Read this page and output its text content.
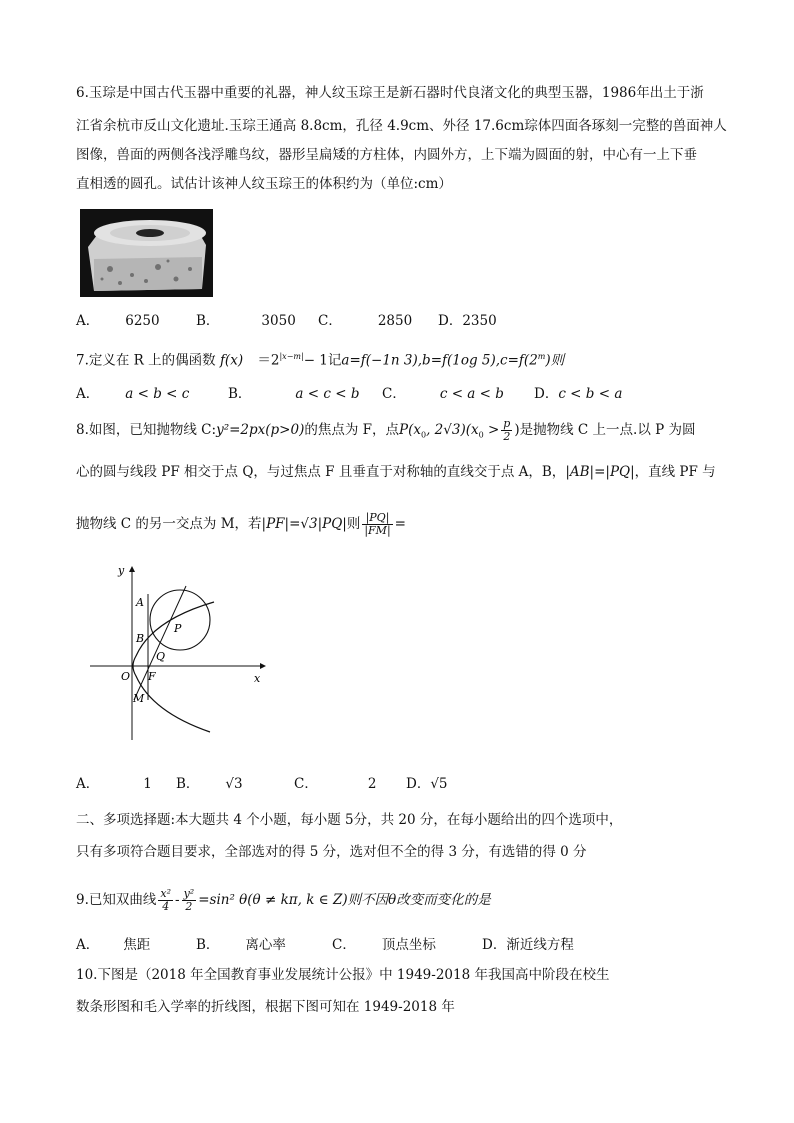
6.玉琮是中国古代玉器中重要的礼器，神人纹玉琮王是新石器时代良渚文化的典型玉器，1986年出土于浙
江省余杭市反山文化遗址.玉琮王通高 8.8cm，孔径 4.9cm、外径 17.6cm琮体四面各琢刻一完整的兽面神人
图像，兽面的两侧各浅浮雕鸟纹，器形呈扁矮的方柱体，内圆外方，上下端为圆面的射，中心有一上下垂
直相透的圆孔。试估计该神人纹玉琮王的体积约为（单位:cm）
A． 6250	B．	3050 C．	2850 D．2350
7.定义在 R 上的偶函数 $f(x) =2^{|x-m|}- 1$记a=f(−1n 3),b=f(1og $5),c=f(2^m)$则
A． a < b < c	B．	a < c < b C．	c < a < b D．c < b < a
8.如图，已知抛物线 C:y²=2px(p>0)的焦点为 F，点$P(x_0$, $2√3)(x_0 > \frac{p}{2}$ )是抛物线 C 上一点.以 P 为圆
心的圆与线段 PF 相交于点 Q，与过焦点 F 且垂直于对称轴的直线交于点 A，B，|AB|=|PQ|，直线 PF 与
抛物线 C 的另一交点为 M，若|PF|=√3|PQ|则 $\frac{|PQ|}{|FM|}$ =
y
x
A
B
P
Q
O F
M
A．	1 B． √3	C．	2 D．√5
二、多项选择题:本大题共 4 个小题，每小题 5分，共 20 分，在每小题给出的四个选项中，
只有多项符合题目要求，全部选对的得 5 分，选对但不全的得 3 分，有选错的得 0 分
9.已知双曲线 $\frac{\text{x²}}{4} - \frac{\text{y²}}{2} =\sin^2$ θ(θ ≠ kπ, k ∈ Z)则不因θ改变而变化的是
A． 焦距	B． 离心率	C． 顶点坐标	D．渐近线方程
10.下图是（2018 年全国教育事业发展统计公报》中 1949-2018 年我国高中阶段在校生
数条形图和毛入学率的折线图，根据下图可知在 1949-2018 年
